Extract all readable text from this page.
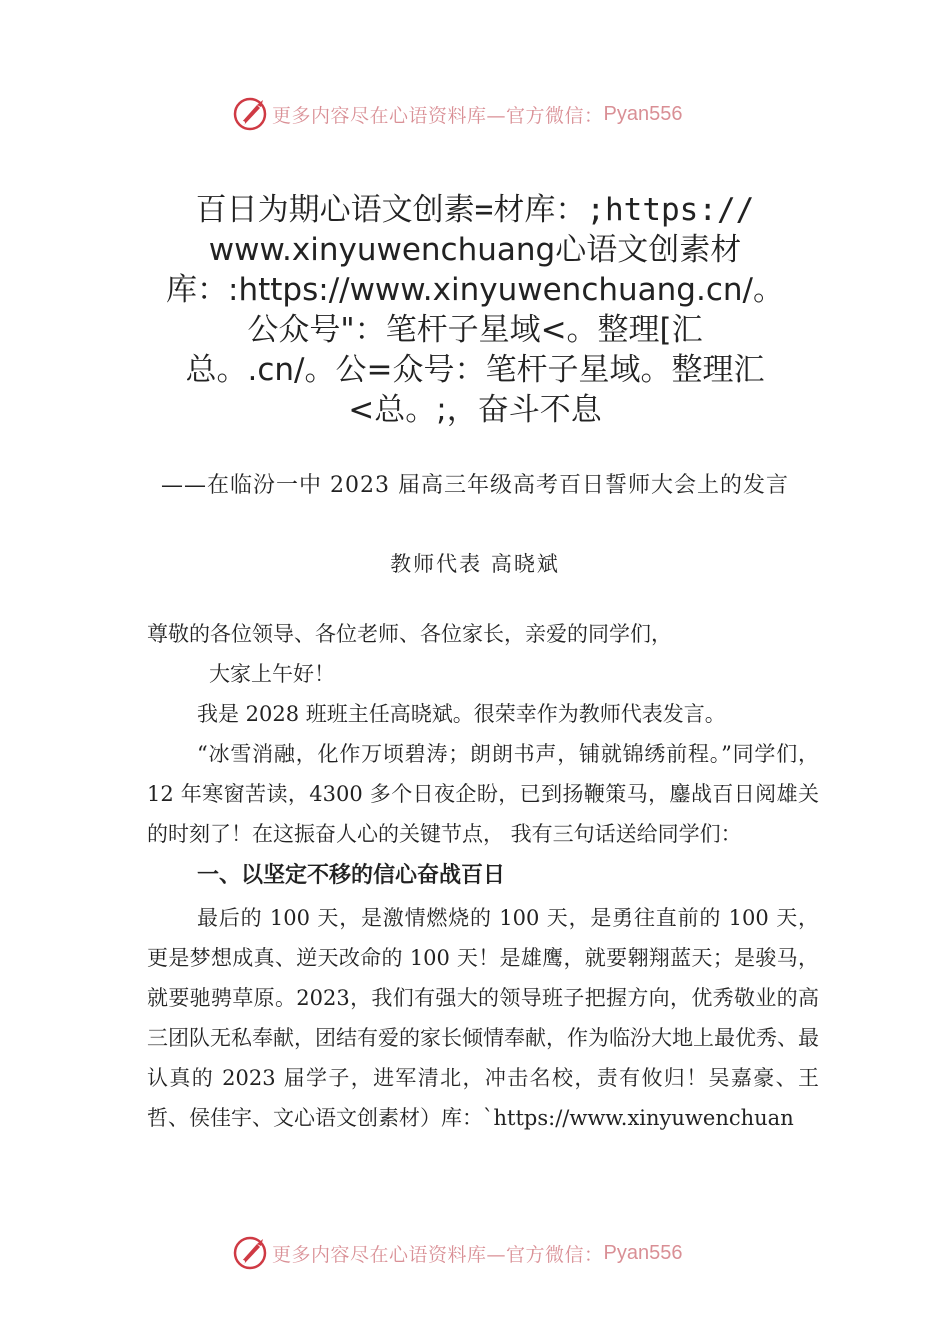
更多内容尽在心语资料库—官方微信： Pyan556
百日为期心语文创素=材库：;https://
www.xinyuwenchuang心语文创素材
库：:https://www.xinyuwenchuang.cn/。
公众号"：笔杆子星域<。整理[汇
总。.cn/。公=众号：笔杆子星域。整理汇
<总。;，奋斗不息
——在临汾一中 2023 届高三年级高考百日誓师大会上的发言
教师代表 高晓斌

尊敬的各位领导、各位老师、各位家长，亲爱的同学们，

大家上午好！

我是 2028 班班主任高晓斌。很荣幸作为教师代表发言。

“冰雪消融，化作万顷碧涛；朗朗书声，铺就锦绣前程。”同学们，12 年寒窗苦读，4300 多个日夜企盼，已到扬鞭策马，鏖战百日阅雄关的时刻了！在这振奋人心的关键节点， 我有三句话送给同学们：

一、以坚定不移的信心奋战百日

最后的 100 天，是激情燃烧的 100 天，是勇往直前的 100 天，更是梦想成真、逆天改命的 100 天！是雄鹰，就要翱翔蓝天；是骏马，就要驰骋草原。2023，我们有强大的领导班子把握方向，优秀敬业的高三团队无私奉献，团结有爱的家长倾情奉献，作为临汾大地上最优秀、最认真的 2023 届学子，进军清北，冲击名校，责有攸归！吴嘉豪、王哲、侯佳宇、文心语文创素材）库：`https://www.xinyuwenchuan

更多内容尽在心语资料库—官方微信： Pyan556
